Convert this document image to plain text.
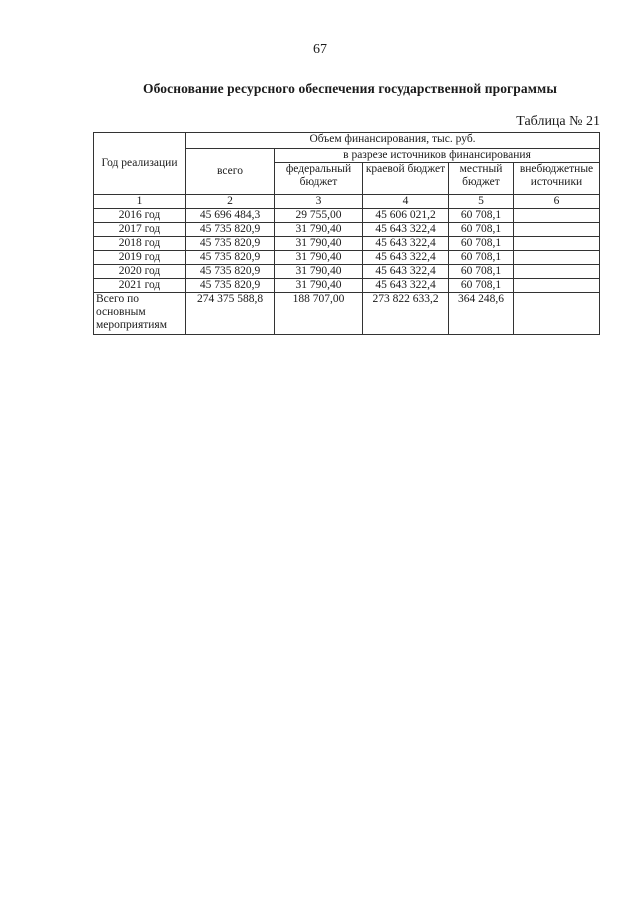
67
Обоснование ресурсного обеспечения государственной программы
Таблица № 21
Год реализации	Объем финансирования, тыс. руб.				
	всего	в разрезе источников финансирования			
		федеральный бюджет	краевой бюджет	местный бюджет	внебюджетные источники
1	2	3	4	5	6
2016 год	45 696 484,3	29 755,00	45 606 021,2	60 708,1	
2017 год	45 735 820,9	31 790,40	45 643 322,4	60 708,1	
2018 год	45 735 820,9	31 790,40	45 643 322,4	60 708,1	
2019 год	45 735 820,9	31 790,40	45 643 322,4	60 708,1	
2020 год	45 735 820,9	31 790,40	45 643 322,4	60 708,1	
2021 год	45 735 820,9	31 790,40	45 643 322,4	60 708,1	
Всего по основным мероприятиям	274 375 588,8	188 707,00	273 822 633,2	364 248,6	
